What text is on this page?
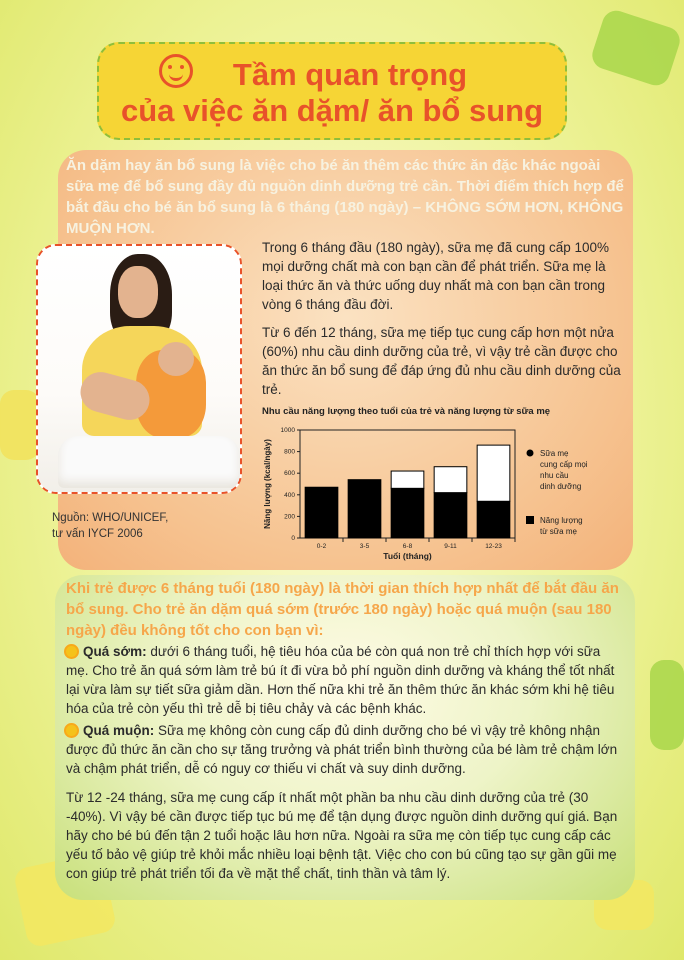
Tầm quan trọng
của việc ăn dặm/ ăn bổ sung
Ăn dặm hay ăn bổ sung là việc cho bé ăn thêm các thức ăn đặc khác ngoài sữa mẹ để bổ sung đầy đủ nguồn dinh dưỡng trẻ cần. Thời điểm thích hợp để bắt đầu cho bé ăn bổ sung là 6 tháng (180 ngày) – KHÔNG SỚM HƠN, KHÔNG MUỘN HƠN.
Nguồn: WHO/UNICEF,
tư vấn IYCF 2006
Trong 6 tháng đầu (180 ngày), sữa mẹ đã cung cấp 100% mọi dưỡng chất mà con bạn cần để phát triển. Sữa mẹ là loại thức ăn và thức uống duy nhất mà con bạn cần trong vòng 6 tháng đầu đời.
Từ 6 đến 12 tháng, sữa mẹ tiếp tục cung cấp hơn một nửa (60%) nhu cầu dinh dưỡng của trẻ, vì vậy trẻ cần được cho ăn thức ăn bổ sung để đáp ứng đủ nhu cầu dinh dưỡng của trẻ.
Nhu cầu năng lượng theo tuổi của trẻ và năng lượng từ sữa mẹ
0
200
400
600
800
1000
0-2	3-5	6-8	9-11	12-23
Tuổi (tháng)
Năng lượng (kcal/ngày)	Sữa mẹ
cung cấp mọi
nhu cầu
dinh dưỡng
Năng lượng
từ sữa mẹ
Khi trẻ được 6 tháng tuổi (180 ngày) là thời gian thích hợp nhất để bắt đầu ăn bổ sung. Cho trẻ ăn dặm quá sớm (trước 180 ngày) hoặc quá muộn (sau 180 ngày) đều không tốt cho con bạn vì:
Quá sớm: dưới 6 tháng tuổi, hệ tiêu hóa của bé còn quá non trẻ chỉ thích hợp với sữa mẹ. Cho trẻ ăn quá sớm làm trẻ bú ít đi vừa bỏ phí nguồn dinh dưỡng và kháng thể tốt nhất lại vừa làm sự tiết sữa giảm dần. Hơn thế nữa khi trẻ ăn thêm thức ăn khác sớm khi hệ tiêu hóa của trẻ còn yếu thì trẻ dễ bị tiêu chảy và các bệnh khác.
Quá muộn: Sữa mẹ không còn cung cấp đủ dinh dưỡng cho bé vì vậy trẻ không nhận được đủ thức ăn cần cho sự tăng trưởng và phát triển bình thường của bé làm trẻ chậm lớn và chậm phát triển, dễ có nguy cơ thiếu vi chất và suy dinh dưỡng.
Từ 12 -24 tháng, sữa mẹ cung cấp ít nhất một phần ba nhu cầu dinh dưỡng của trẻ (30 -40%). Vì vậy bé cần được tiếp tục bú mẹ để tận dụng được nguồn dinh dưỡng quí giá. Bạn hãy cho bé bú đến tận 2 tuổi hoặc lâu hơn nữa. Ngoài ra sữa mẹ còn tiếp tục cung cấp các yếu tố bảo vệ giúp trẻ khỏi mắc nhiều loại bệnh tật. Việc cho con bú cũng tạo sự gần gũi mẹ con giúp trẻ phát triển tối đa về mặt thể chất, tinh thần và tâm lý.
